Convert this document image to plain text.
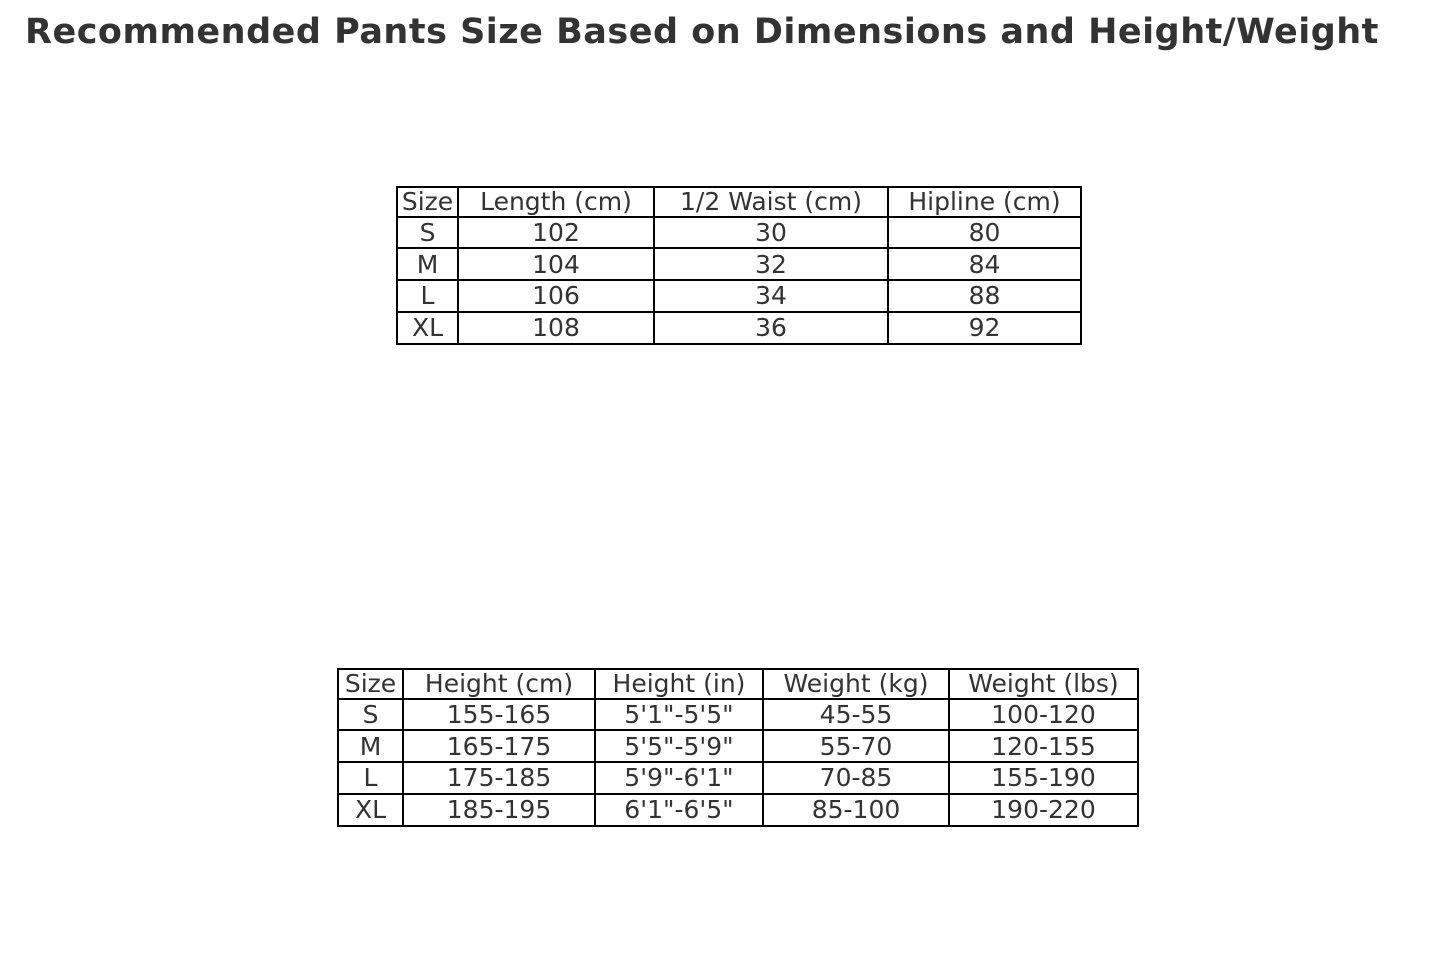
Recommended Pants Size Based on Dimensions and Height/Weight
Size	Length (cm)	1/2 Waist (cm)	Hipline (cm)
S	102	30	80
M	104	32	84
L	106	34	88
XL	108	36	92
Size	Height (cm)	Height (in)	Weight (kg)	Weight (lbs)
S	155-165	5'1"-5'5"	45-55	100-120
M	165-175	5'5"-5'9"	55-70	120-155
L	175-185	5'9"-6'1"	70-85	155-190
XL	185-195	6'1"-6'5"	85-100	190-220
